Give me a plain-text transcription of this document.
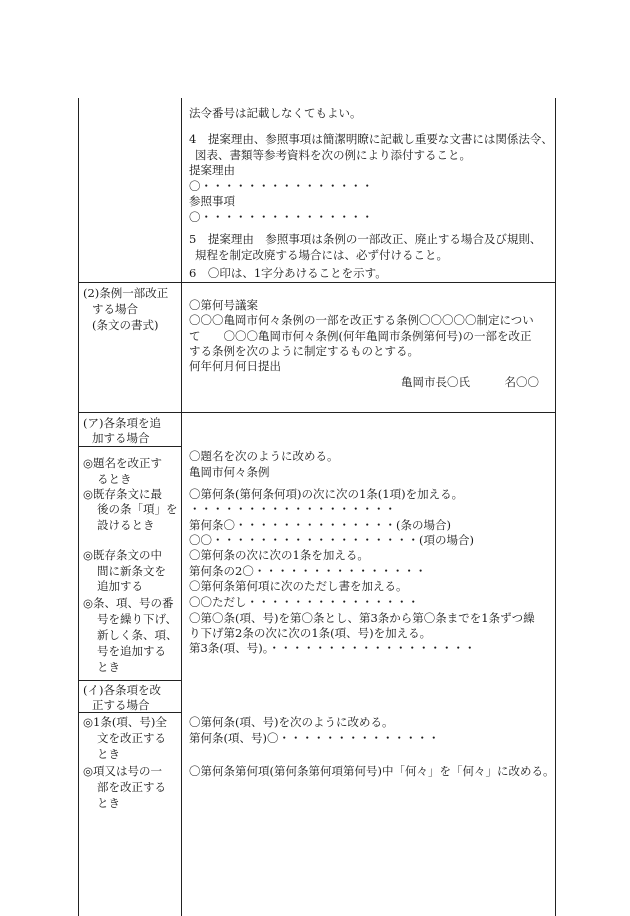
法令番号は記載しなくてもよい。
4　提案理由、参照事項は簡潔明瞭に記載し重要な文書には関係法令、
図表、書類等参考資料を次の例により添付すること。
提案理由
〇・・・・・・・・・・・・・・・
参照事項
〇・・・・・・・・・・・・・・・
5　提案理由　参照事項は条例の一部改正、廃止する場合及び規則、
規程を制定改廃する場合には、必ず付けること。
6　〇印は、1字分あけることを示す。
(2)条例一部改正
する場合
(条文の書式)
〇第何号議案
〇〇〇亀岡市何々条例の一部を改正する条例〇〇〇〇〇制定につい
て　　〇〇〇亀岡市何々条例(何年亀岡市条例第何号)の一部を改正
する条例を次のように制定するものとする。
何年何月何日提出
亀岡市長〇氏　　　名〇〇
(ア)各条項を追
加する場合
◎題名を改正す
るとき
◎既存条文に最
後の条「項」を
設けるとき
◎既存条文の中
間に新条文を
追加する
◎条、項、号の番
号を繰り下げ、
新しく条、項、
号を追加する
とき
〇題名を次のように改める。
亀岡市何々条例
〇第何条(第何条何項)の次に次の1条(1項)を加える。
・・・・・・・・・・・・・・・・・・
第何条〇・・・・・・・・・・・・・・(条の場合)
〇〇・・・・・・・・・・・・・・・・・・(項の場合)
〇第何条の次に次の1条を加える。
第何条の2〇・・・・・・・・・・・・・・・
〇第何条第何項に次のただし書を加える。
〇〇ただし・・・・・・・・・・・・・・・
〇第〇条(項、号)を第〇条とし、第3条から第〇条までを1条ずつ繰
り下げ第2条の次に次の1条(項、号)を加える。
第3条(項、号)。・・・・・・・・・・・・・・・・・・
(イ)各条項を改
正する場合
◎1条(項、号)全
文を改正する
とき
◎項又は号の一
部を改正する
とき
〇第何条(項、号)を次のように改める。
第何条(項、号)〇・・・・・・・・・・・・・・
〇第何条第何項(第何条第何項第何号)中「何々」を「何々」に改める。
